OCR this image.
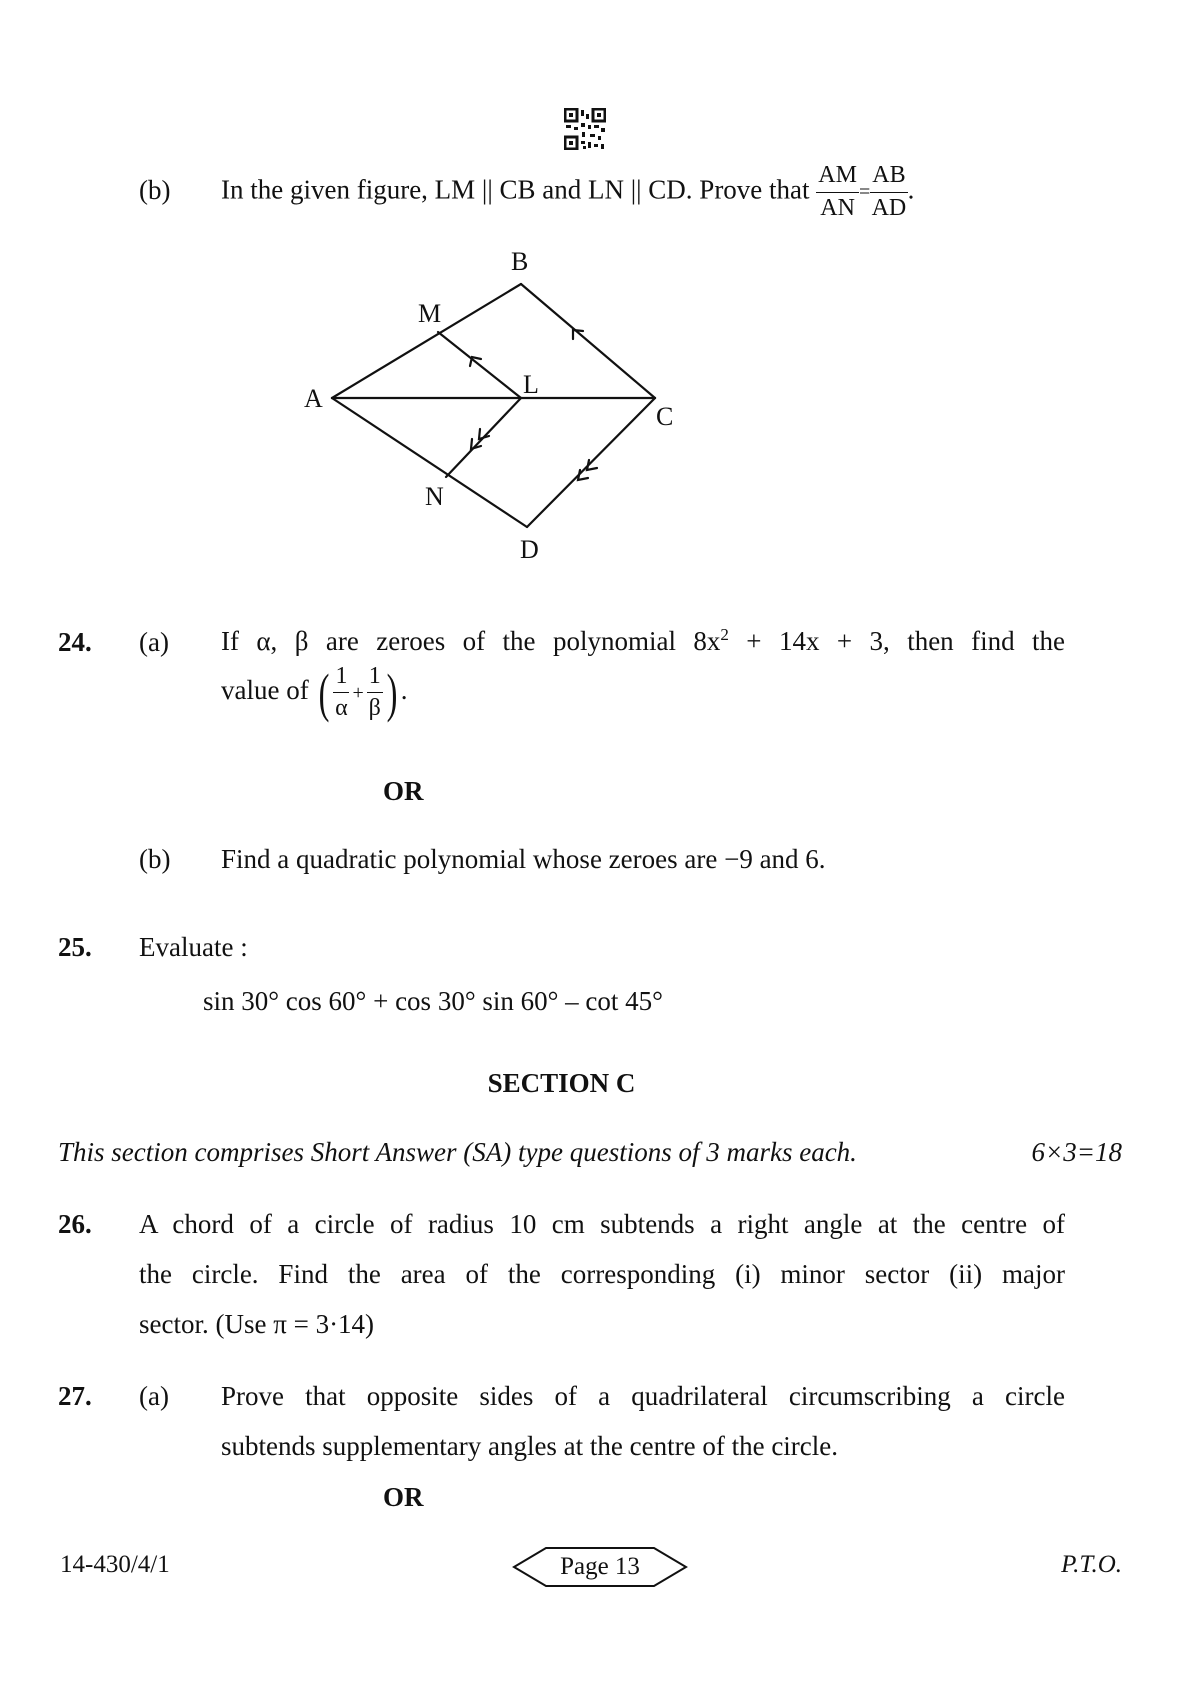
(b) In the given figure, LM || CB and LN || CD. Prove that $\frac{AM}{AN} = \frac{AB}{AD}$ .
B
M
A	L
C
N
D
24. (a) If α, β are zeroes of the polynomial $8x^2 + 14x + 3$, then find the
value of ( $\frac{1}{\alpha} + \frac{1}{\beta}$ ) .
OR
(b) Find a quadratic polynomial whose zeroes are −9 and 6.
25. Evaluate :
sin 30° cos 60° + cos 30° sin 60° – cot 45°
SECTION C
This section comprises Short Answer (SA) type questions of 3 marks each.	6×3=18
26. A chord of a circle of radius 10 cm subtends a right angle at the centre of
the circle. Find the area of the corresponding (i) minor sector (ii) major
sector. (Use π = 3·14)
27. (a) Prove that opposite sides of a quadrilateral circumscribing a circle
subtends supplementary angles at the centre of the circle.
OR
14-430/4/1	Page 13	P.T.O.
